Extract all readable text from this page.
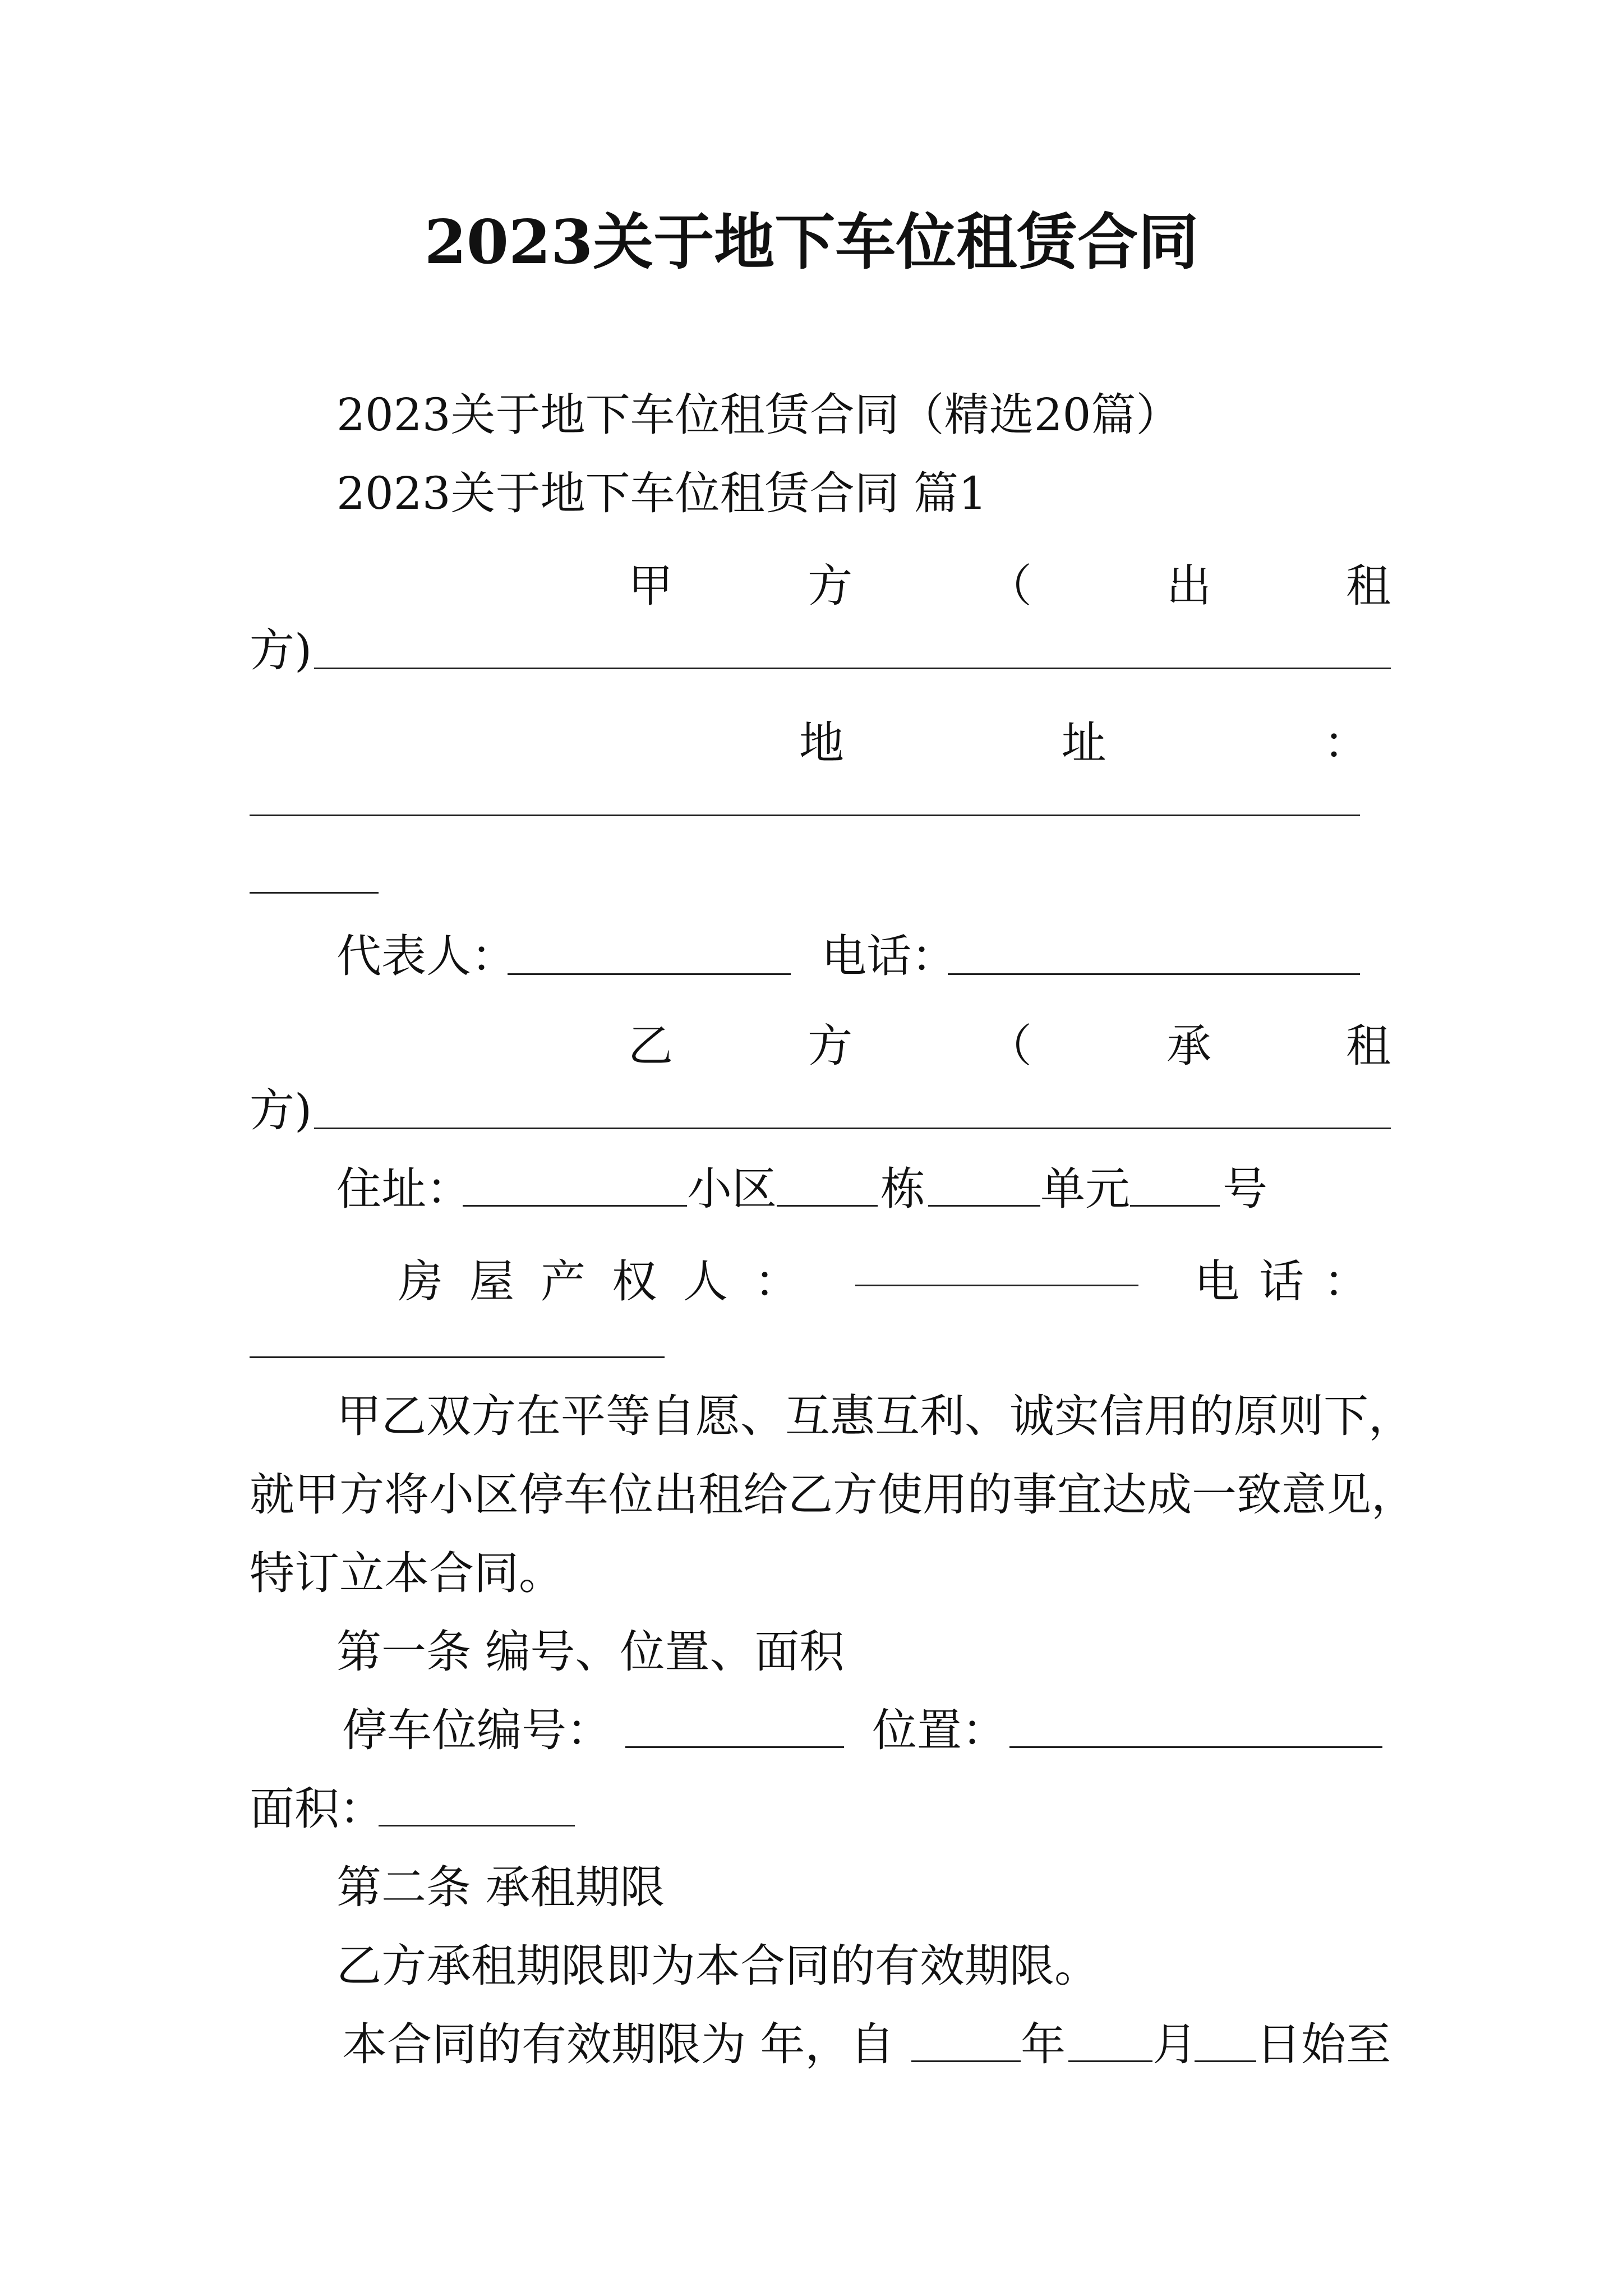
2023关于地下车位租赁合同
2023关于地下车位租赁合同（精选20篇）
2023关于地下车位租赁合同 篇1
甲	方	（	出	租
方)
地	址	：
代表人：	电话：
乙	方	（	承	租
方)
住址：	小区 栋	单元 号
房 屋 产 权 人 ：	电 话 ：
甲乙双方在平等自愿、互惠互利、诚实信用的原则下，
就甲方将小区停车位出租给乙方使用的事宜达成一致意见，
特订立本合同。
第一条 编号、位置、面积
停车位编号：	位置：
面积：
第二条 承租期限
乙方承租期限即为本合同的有效期限。
本合同的有效期限为 年，自	年 月 日始至
